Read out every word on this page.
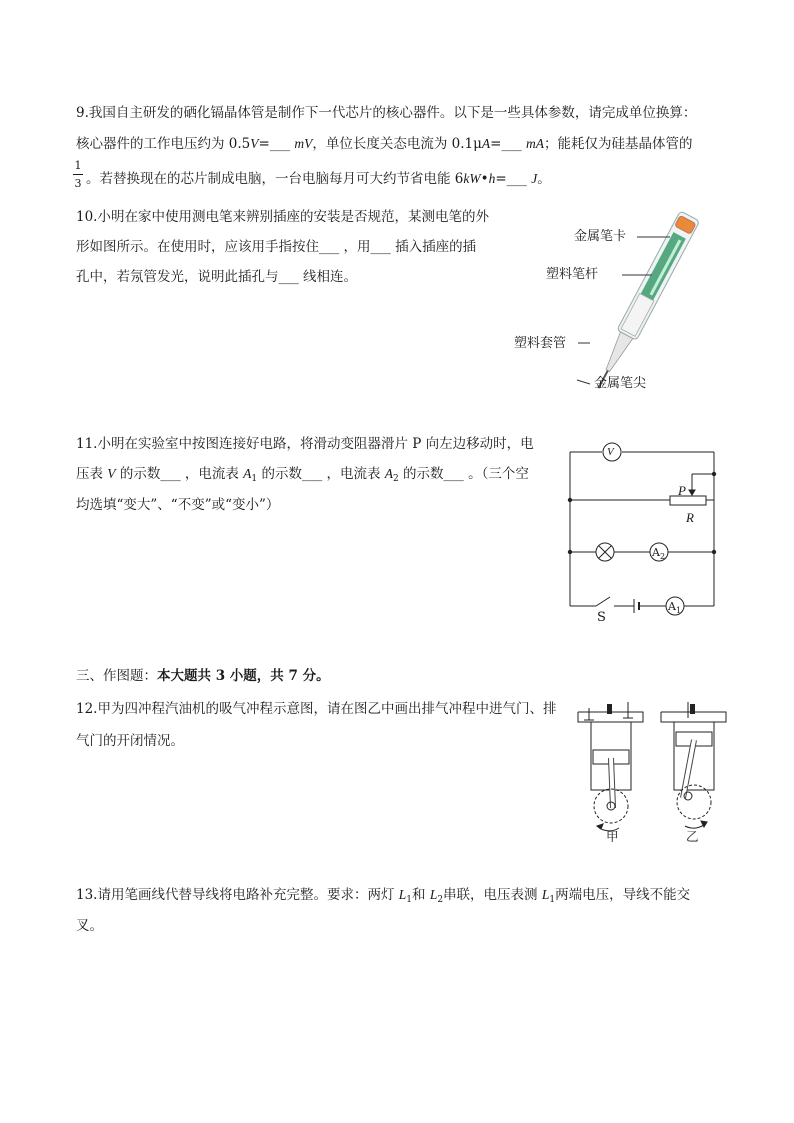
9.我国自主研发的硒化镉晶体管是制作下一代芯片的核心器件。以下是一些具体参数，请完成单位换算：
核心器件的工作电压约为 0.5V=___ mV，单位长度关态电流为 0.1μA=___ mA；能耗仅为硅基晶体管的
1
3 。若替换现在的芯片制成电脑，一台电脑每月可大约节省电能 6kW•h=___ J。
10.小明在家中使用测电笔来辨别插座的安装是否规范，某测电笔的外
形如图所示。在使用时，应该用手指按住___ ，用___ 插入插座的插
孔中，若氖管发光，说明此插孔与___ 线相连。
金属笔卡
塑料笔杆
塑料套管
金属笔尖
11.小明在实验室中按图连接好电路，将滑动变阻器滑片 P 向左边移动时，电
压表 V 的示数___ ，电流表 $A_1$ 的示数___ ，电流表 $A_2$ 的示数___ 。（三个空
均选填“变大”、“不变”或“变小”）
V
P
R
$A_2$
$A_1$
S
三、作图题：本大题共 3 小题，共 7 分。
12.甲为四冲程汽油机的吸气冲程示意图，请在图乙中画出排气冲程中进气门、排
气门的开闭情况。
甲	乙
13.请用笔画线代替导线将电路补充完整。要求：两灯 $L_1$和 $L_2$串联，电压表测 $L_1$两端电压，导线不能交
叉。
